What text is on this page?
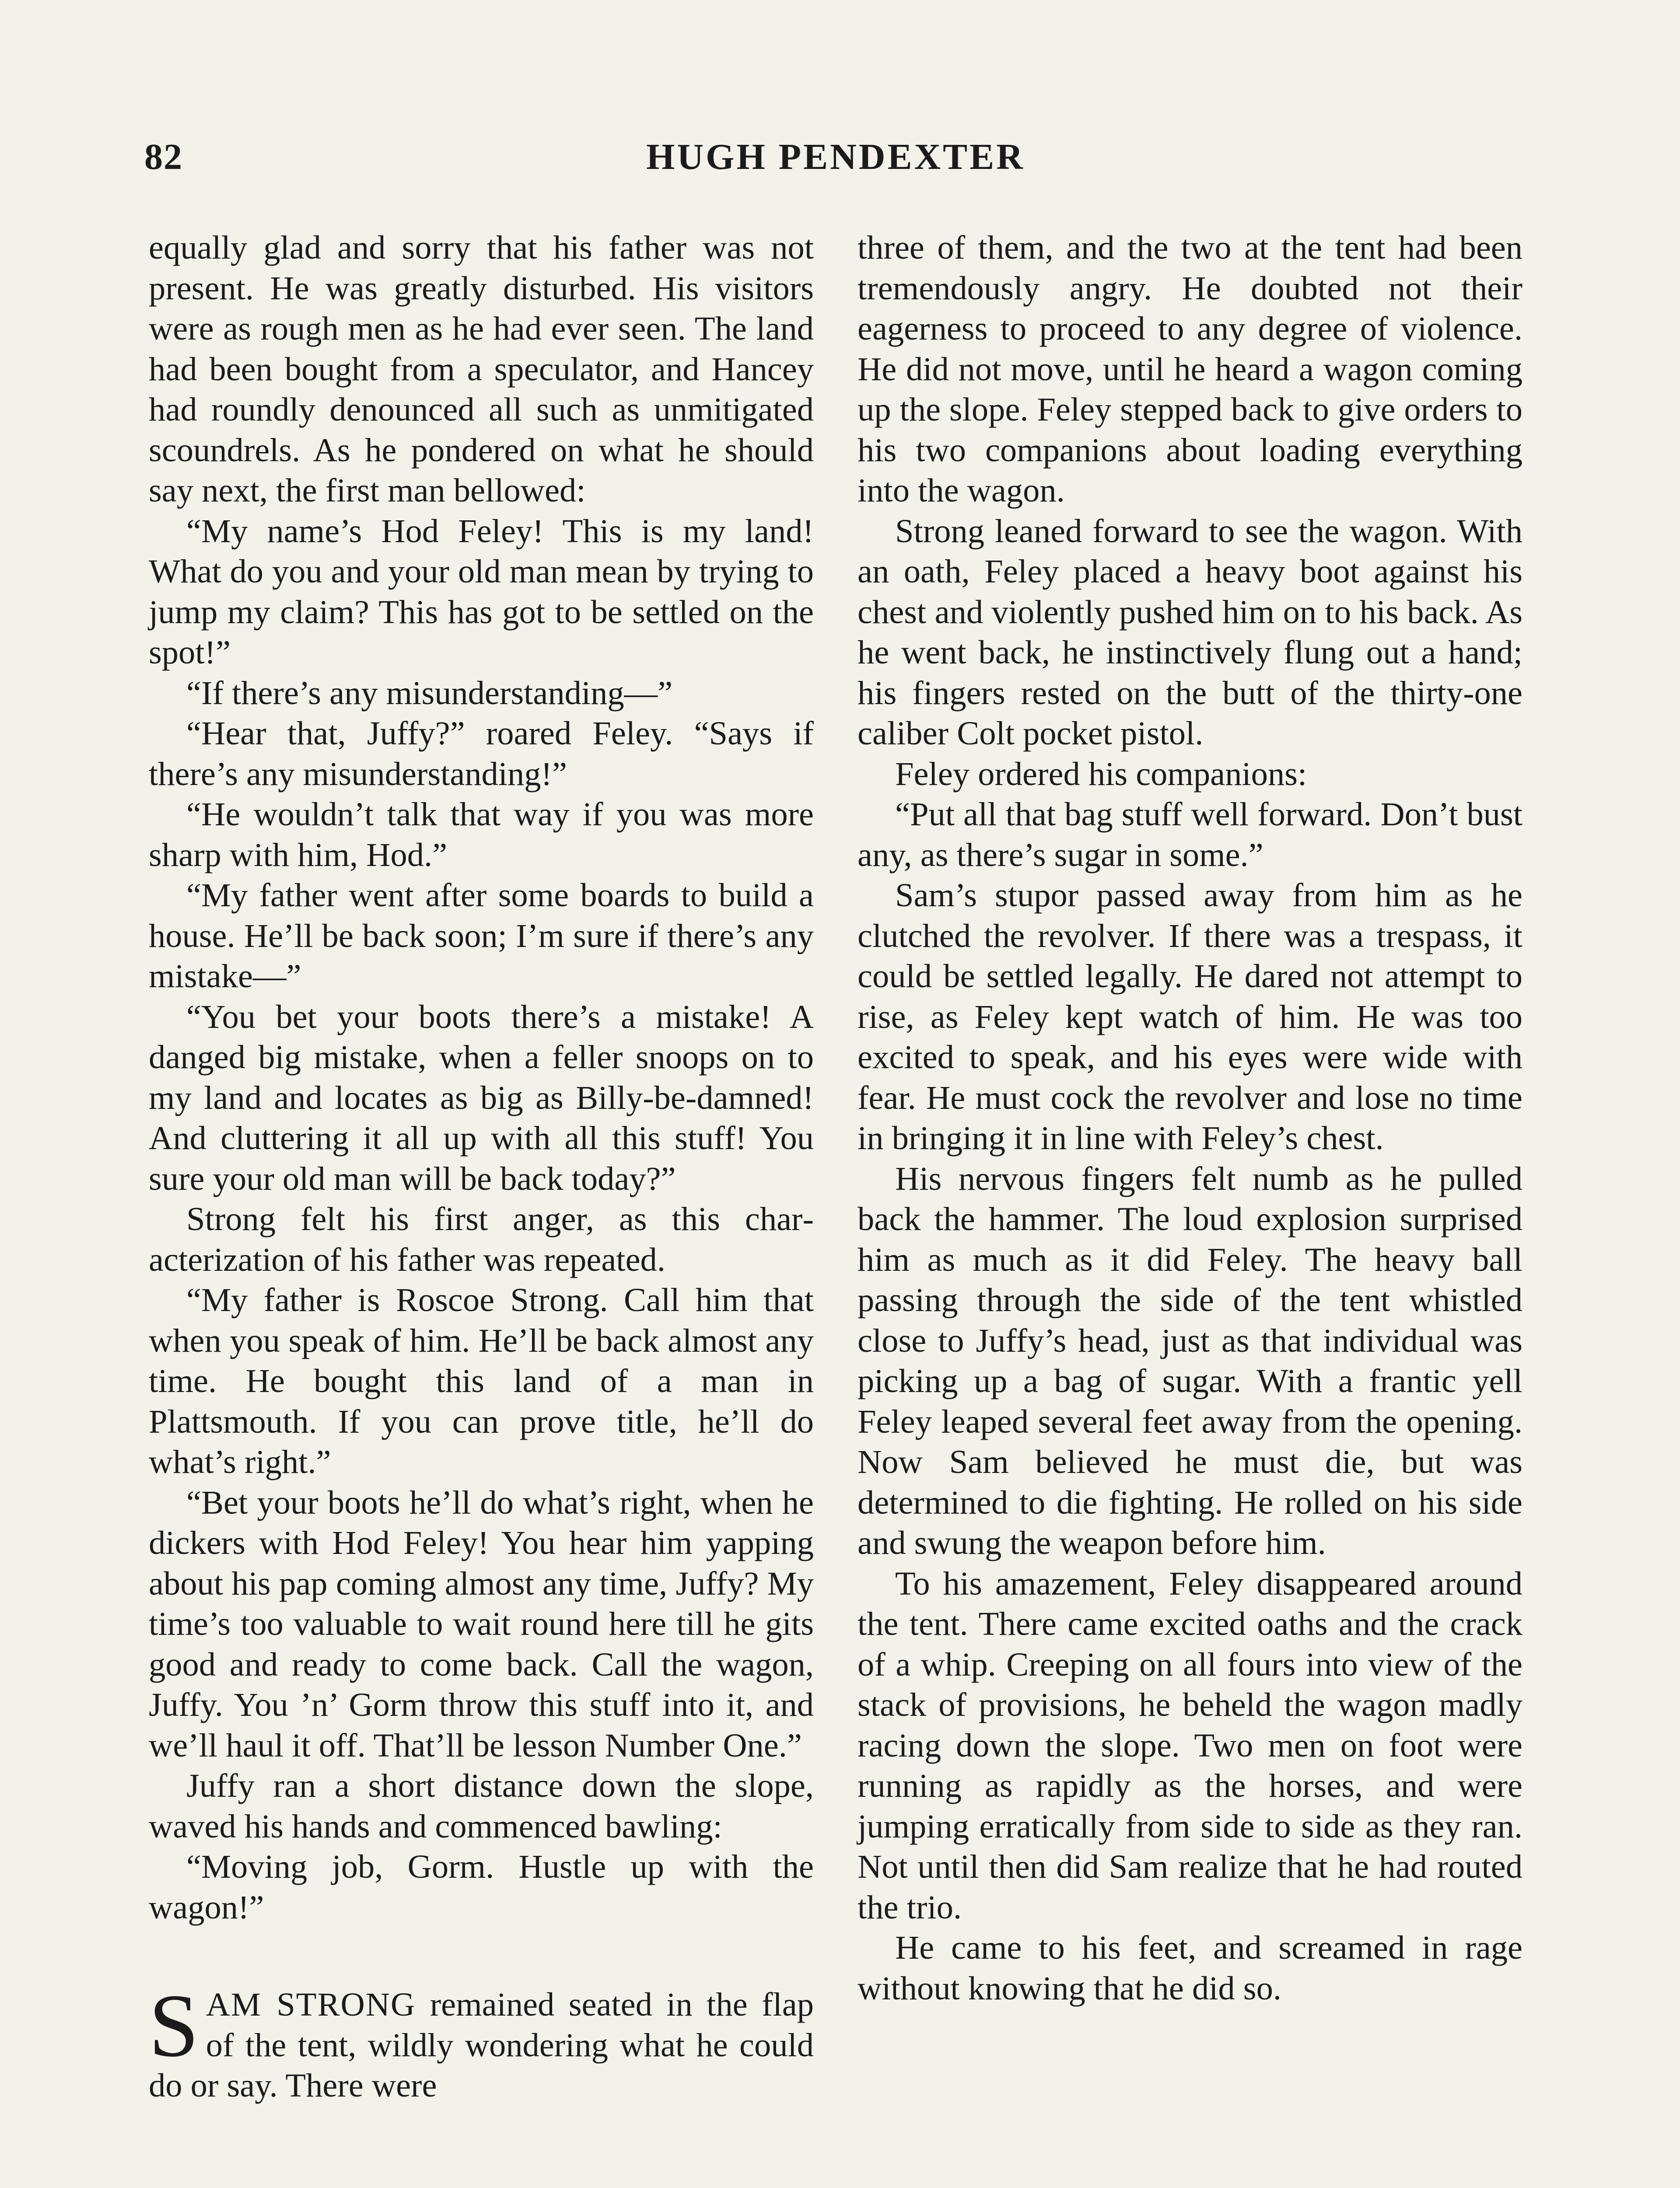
82	HUGH PENDEXTER

equally glad and sorry that his father was not present. He was greatly disturbed. His visitors were as rough men as he had ever seen. The land had been bought from a speculator, and Hancey had roundly denounced all such as unmitigated scoundrels. As he pondered on what he should say next, the first man bellowed:

“My name’s Hod Feley! This is my land! What do you and your old man mean by trying to jump my claim? This has got to be settled on the spot!”

“If there’s any misunderstanding—”

“Hear that, Juffy?” roared Feley. “Says if there’s any misunderstanding!”

“He wouldn’t talk that way if you was more sharp with him, Hod.”

“My father went after some boards to build a house. He’ll be back soon; I’m sure if there’s any mistake—”

“You bet your boots there’s a mistake! A danged big mistake, when a feller snoops on to my land and locates as big as Billy-be-damned! And cluttering it all up with all this stuff! You sure your old man will be back today?”

Strong felt his first anger, as this characterization of his father was repeated.

“My father is Roscoe Strong. Call him that when you speak of him. He’ll be back almost any time. He bought this land of a man in Plattsmouth. If you can prove title, he’ll do what’s right.”

“Bet your boots he’ll do what’s right, when he dickers with Hod Feley! You hear him yapping about his pap coming almost any time, Juffy? My time’s too valuable to wait round here till he gits good and ready to come back. Call the wagon, Juffy. You ’n’ Gorm throw this stuff into it, and we’ll haul it off. That’ll be lesson Number One.”

Juffy ran a short distance down the slope, waved his hands and commenced bawling:

“Moving job, Gorm. Hustle up with the wagon!”

SAM STRONG remained seated in the flap of the tent, wildly wondering what he could do or say. There were

three of them, and the two at the tent had been tremendously angry. He doubted not their eagerness to proceed to any degree of violence. He did not move, until he heard a wagon coming up the slope. Feley stepped back to give orders to his two companions about loading everything into the wagon.

Strong leaned forward to see the wagon. With an oath, Feley placed a heavy boot against his chest and violently pushed him on to his back. As he went back, he instinctively flung out a hand; his fingers rested on the butt of the thirty-one caliber Colt pocket pistol.

Feley ordered his companions:

“Put all that bag stuff well forward. Don’t bust any, as there’s sugar in some.”

Sam’s stupor passed away from him as he clutched the revolver. If there was a trespass, it could be settled legally. He dared not attempt to rise, as Feley kept watch of him. He was too excited to speak, and his eyes were wide with fear. He must cock the revolver and lose no time in bringing it in line with Feley’s chest.

His nervous fingers felt numb as he pulled back the hammer. The loud explosion surprised him as much as it did Feley. The heavy ball passing through the side of the tent whistled close to Juffy’s head, just as that individual was picking up a bag of sugar. With a frantic yell Feley leaped several feet away from the opening. Now Sam believed he must die, but was determined to die fighting. He rolled on his side and swung the weapon before him.

To his amazement, Feley disappeared around the tent. There came excited oaths and the crack of a whip. Creeping on all fours into view of the stack of provisions, he beheld the wagon madly racing down the slope. Two men on foot were running as rapidly as the horses, and were jumping erratically from side to side as they ran. Not until then did Sam realize that he had routed the trio.

He came to his feet, and screamed in rage without knowing that he did so.
